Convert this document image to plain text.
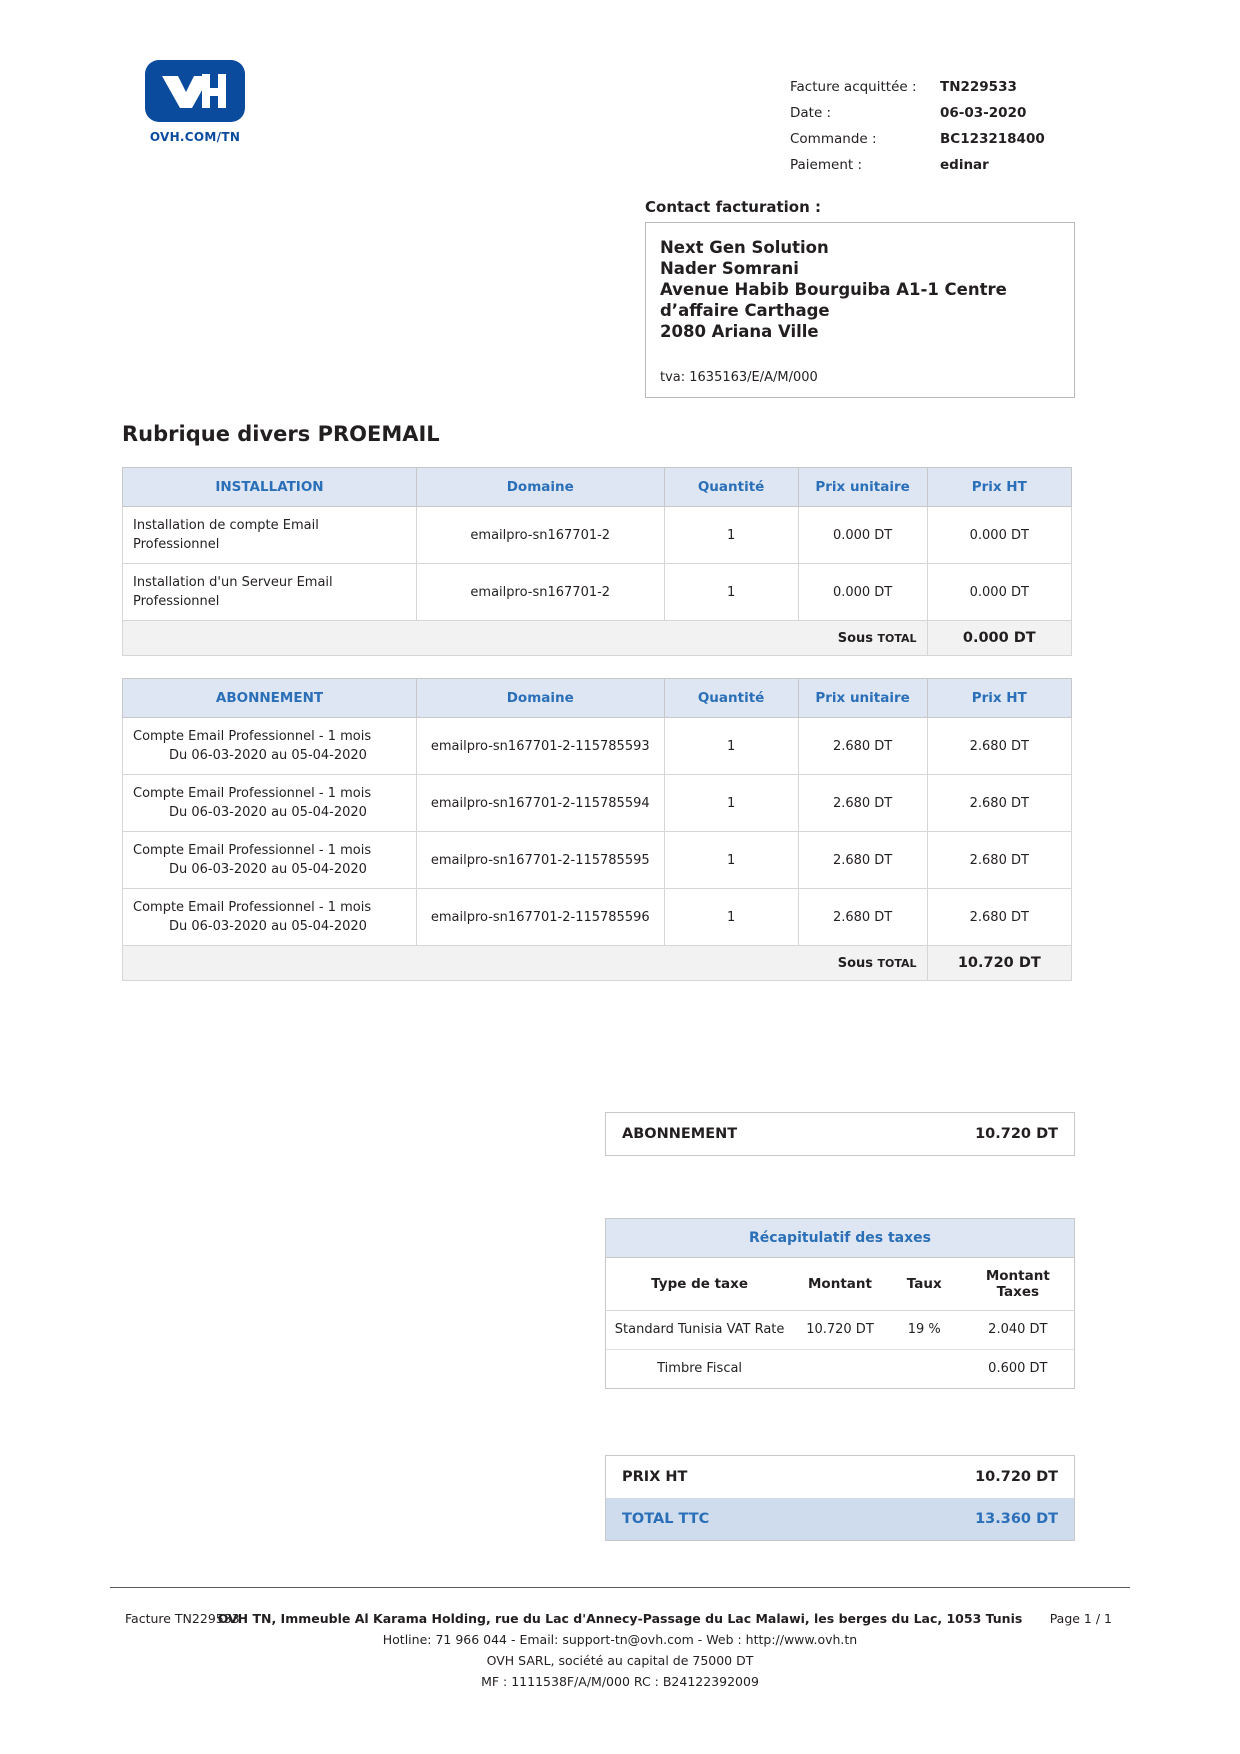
OVH.COM/TN
Facture acquittée :	TN229533
Date :	06-03-2020
Commande :	BC123218400
Paiement :	edinar
Contact facturation :
Next Gen Solution
Nader Somrani
Avenue Habib Bourguiba A1-1 Centre
d’affaire Carthage
2080 Ariana Ville
tva: 1635163/E/A/M/000
Rubrique divers PROEMAIL
INSTALLATION	Domaine	Quantité	Prix unitaire	Prix HT
Installation de compte Email Professionnel	emailpro-sn167701-2	1	0.000 DT	0.000 DT
Installation d'un Serveur Email Professionnel	emailpro-sn167701-2	1	0.000 DT	0.000 DT
Sous TOTAL				0.000 DT
ABONNEMENT	Domaine	Quantité	Prix unitaire	Prix HT
Compte Email Professionnel - 1 mois
Du 06-03-2020 au 05-04-2020	emailpro-sn167701-2-115785593	1	2.680 DT	2.680 DT
Compte Email Professionnel - 1 mois
Du 06-03-2020 au 05-04-2020	emailpro-sn167701-2-115785594	1	2.680 DT	2.680 DT
Compte Email Professionnel - 1 mois
Du 06-03-2020 au 05-04-2020	emailpro-sn167701-2-115785595	1	2.680 DT	2.680 DT
Compte Email Professionnel - 1 mois
Du 06-03-2020 au 05-04-2020	emailpro-sn167701-2-115785596	1	2.680 DT	2.680 DT
Sous TOTAL				10.720 DT
ABONNEMENT	10.720 DT
Récapitulatif des taxes
Type de taxe	Montant	Taux	Montant Taxes
Standard Tunisia VAT Rate	10.720 DT	19 %	2.040 DT
Timbre Fiscal			0.600 DT
PRIX HT	10.720 DT
TOTAL TTC	13.360 DT
Facture TN229533
OVH TN, Immeuble Al Karama Holding, rue du Lac d'Annecy-Passage du Lac Malawi, les berges du Lac, 1053 Tunis Page 1 / 1
Hotline: 71 966 044 - Email: support-tn@ovh.com - Web : http://www.ovh.tn
OVH SARL, société au capital de 75000 DT
MF : 1111538F/A/M/000 RC : B24122392009
